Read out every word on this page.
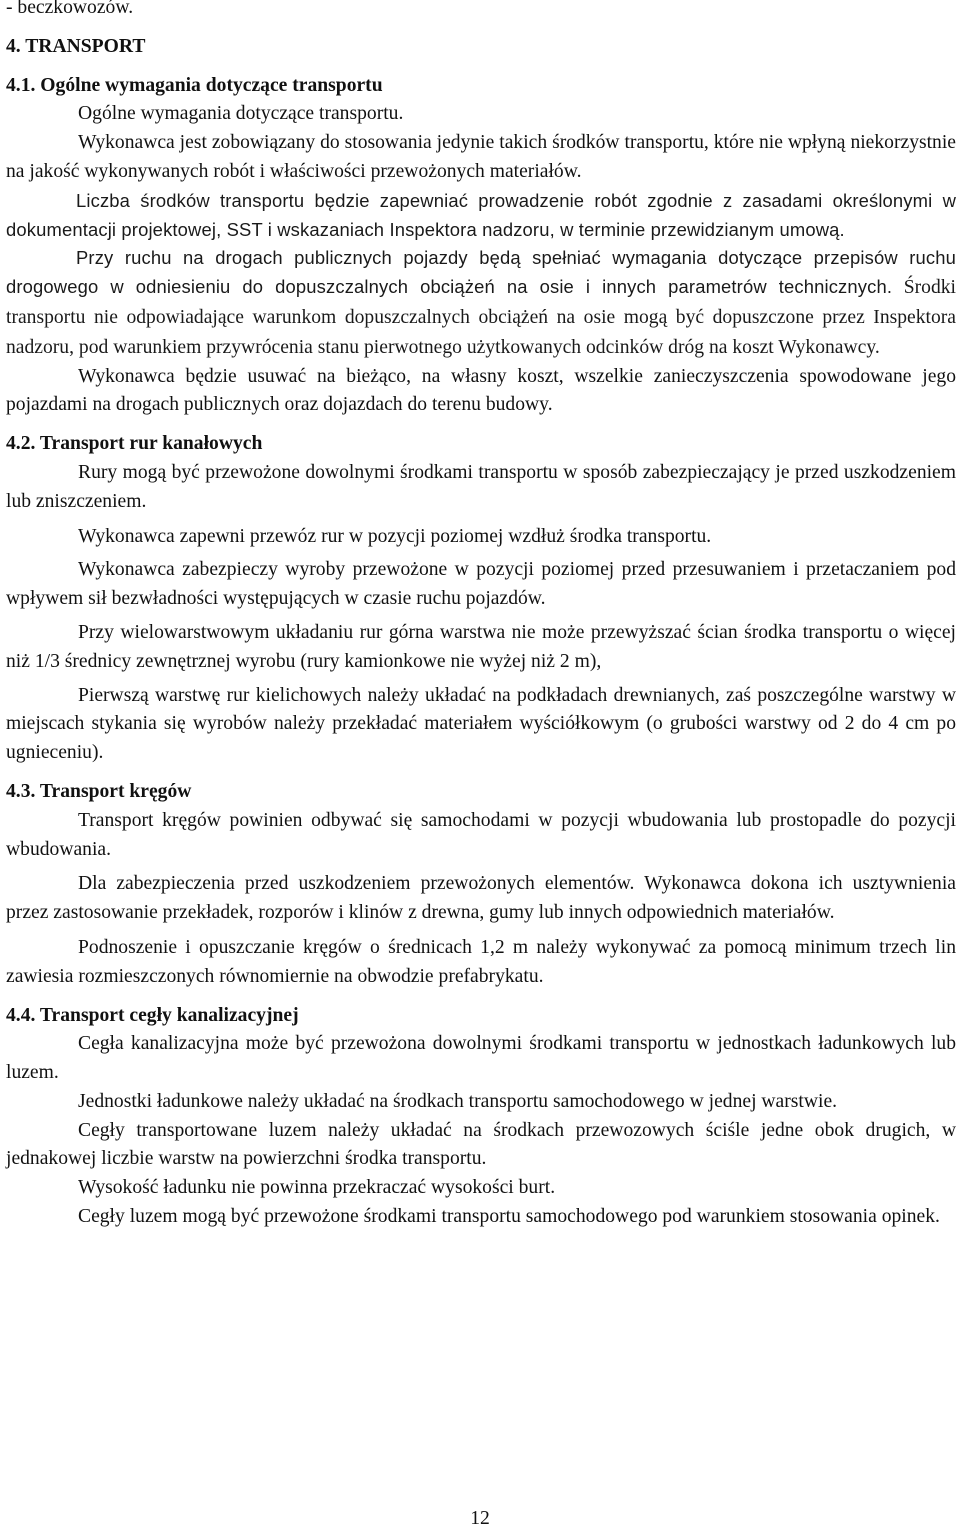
- beczkowozów.

4. TRANSPORT

4.1. Ogólne wymagania dotyczące transportu

Ogólne wymagania dotyczące transportu.

Wykonawca jest zobowiązany do stosowania jedynie takich środków transportu, które nie wpłyną niekorzystnie na jakość wykonywanych robót i właściwości przewożonych materiałów.

Liczba środków transportu będzie zapewniać prowadzenie robót zgodnie z zasadami określonymi w dokumentacji projektowej, SST i wskazaniach Inspektora nadzoru, w terminie przewidzianym umową.

Przy ruchu na drogach publicznych pojazdy będą spełniać wymagania dotyczące przepisów ruchu drogowego w odniesieniu do dopuszczalnych obciążeń na osie i innych parametrów technicznych. Środki transportu nie odpowiadające warunkom dopuszczalnych obciążeń na osie mogą być dopuszczone przez Inspektora nadzoru, pod warunkiem przywrócenia stanu pierwotnego użytkowanych odcinków dróg na koszt Wykonawcy.

Wykonawca będzie usuwać na bieżąco, na własny koszt, wszelkie zanieczyszczenia spowodowane jego pojazdami na drogach publicznych oraz dojazdach do terenu budowy.

4.2. Transport rur kanałowych

Rury mogą być przewożone dowolnymi środkami transportu w sposób zabezpieczający je przed uszkodzeniem lub zniszczeniem.

Wykonawca zapewni przewóz rur w pozycji poziomej wzdłuż środka transportu.

Wykonawca zabezpieczy wyroby przewożone w pozycji poziomej przed przesuwaniem i przetaczaniem pod wpływem sił bezwładności występujących w czasie ruchu pojazdów.

Przy wielowarstwowym układaniu rur górna warstwa nie może przewyższać ścian środka transportu o więcej niż 1/3 średnicy zewnętrznej wyrobu (rury kamionkowe nie wyżej niż 2 m),

Pierwszą warstwę rur kielichowych należy układać na podkładach drewnianych, zaś poszczególne warstwy w miejscach stykania się wyrobów należy przekładać materiałem wyściółkowym (o grubości warstwy od 2 do 4 cm po ugnieceniu).

4.3. Transport kręgów

Transport kręgów powinien odbywać się samochodami w pozycji wbudowania lub prostopadle do pozycji wbudowania.

Dla zabezpieczenia przed uszkodzeniem przewożonych elementów. Wykonawca dokona ich usztywnienia przez zastosowanie przekładek, rozporów i klinów z drewna, gumy lub innych odpowiednich materiałów.

Podnoszenie i opuszczanie kręgów o średnicach 1,2 m należy wykonywać za pomocą minimum trzech lin zawiesia rozmieszczonych równomiernie na obwodzie prefabrykatu.

4.4. Transport cegły kanalizacyjnej

Cegła kanalizacyjna może być przewożona dowolnymi środkami transportu w jednostkach ładunkowych lub luzem.

Jednostki ładunkowe należy układać na środkach transportu samochodowego w jednej warstwie.

Cegły transportowane luzem należy układać na środkach przewozowych ściśle jedne obok drugich, w jednakowej liczbie warstw na powierzchni środka transportu.

Wysokość ładunku nie powinna przekraczać wysokości burt.

Cegły luzem mogą być przewożone środkami transportu samochodowego pod warunkiem stosowania opinek.

12
